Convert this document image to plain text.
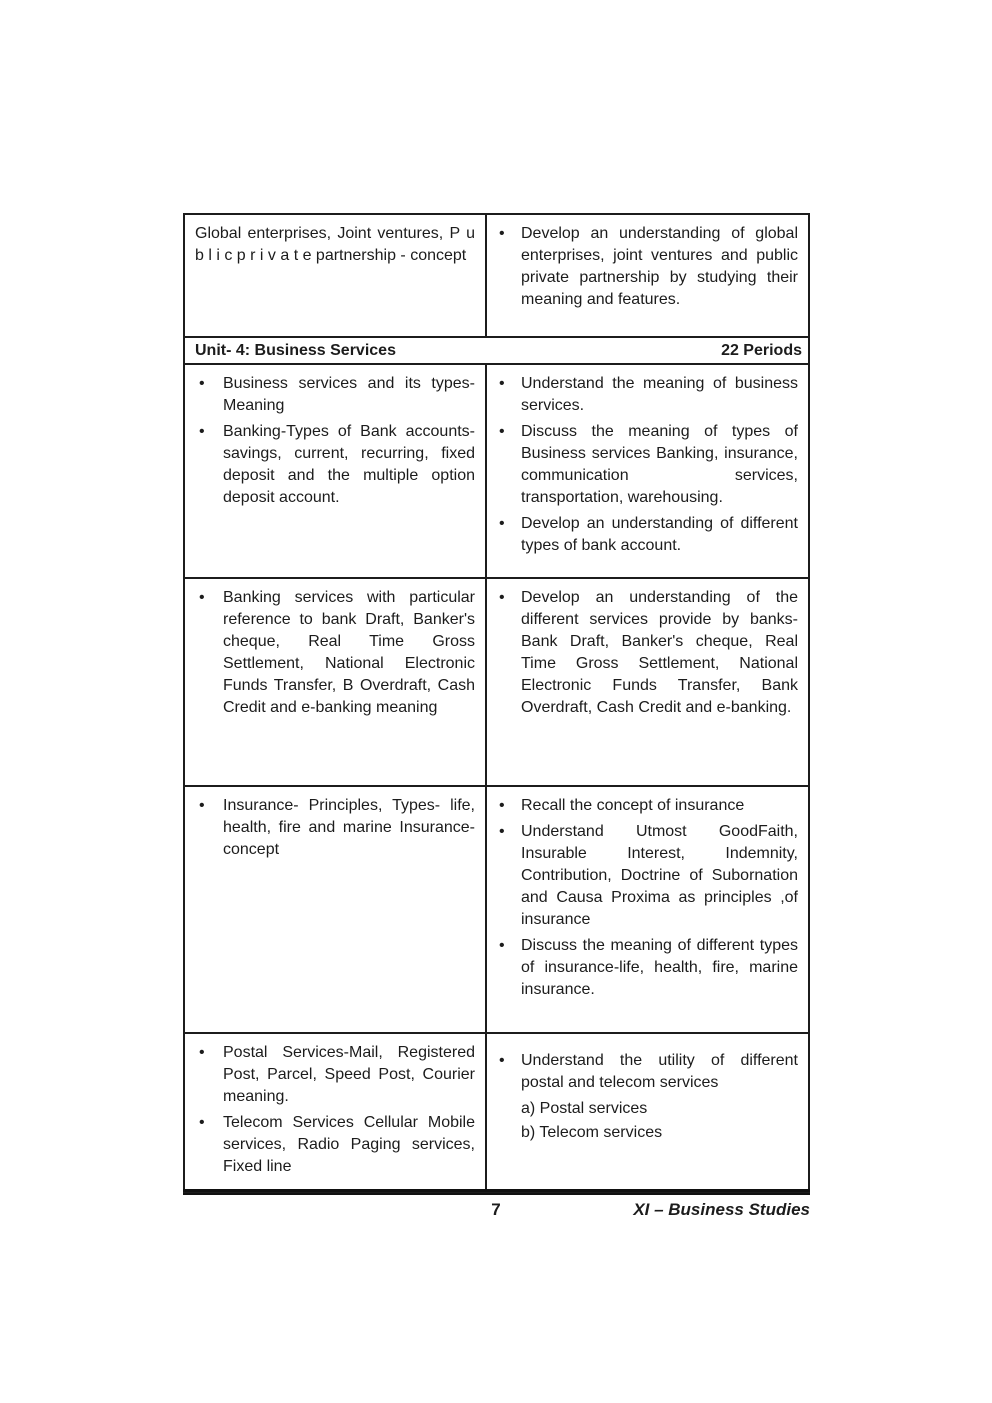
Global enterprises, Joint ventures, P u b l i c p r i v a t e partnership - concept
• Develop an understanding of global enterprises, joint ventures and public private partnership by studying their meaning and features.
Unit- 4: Business Services	22 Periods
• Business services and its types-Meaning
• Banking-Types of Bank accounts-savings, current, recurring, fixed deposit and the multiple option deposit account.
• Understand the meaning of business services.
• Discuss the meaning of types of Business services Banking, insurance, communication services, transportation, warehousing.
• Develop an understanding of different types of bank account.
• Banking services with particular reference to bank Draft, Banker's cheque, Real Time Gross Settlement, National Electronic Funds Transfer, B Overdraft, Cash Credit and e-banking meaning
• Develop an understanding of the different services provide by banks-Bank Draft, Banker's cheque, Real Time Gross Settlement, National Electronic Funds Transfer, Bank Overdraft, Cash Credit and e-banking.
• Insurance- Principles, Types- life, health, fire and marine Insurance-concept
• Recall the concept of insurance
• Understand Utmost GoodFaith, Insurable Interest, Indemnity, Contribution, Doctrine of Subornation and Causa Proxima as principles ,of insurance
• Discuss the meaning of different types of insurance-life, health, fire, marine insurance.
• Postal Services-Mail, Registered Post, Parcel, Speed Post, Courier meaning.
• Telecom Services Cellular Mobile services, Radio Paging services, Fixed line
• Understand the utility of different postal and telecom services
a) Postal services
b) Telecom services
7	XI – Business Studies
